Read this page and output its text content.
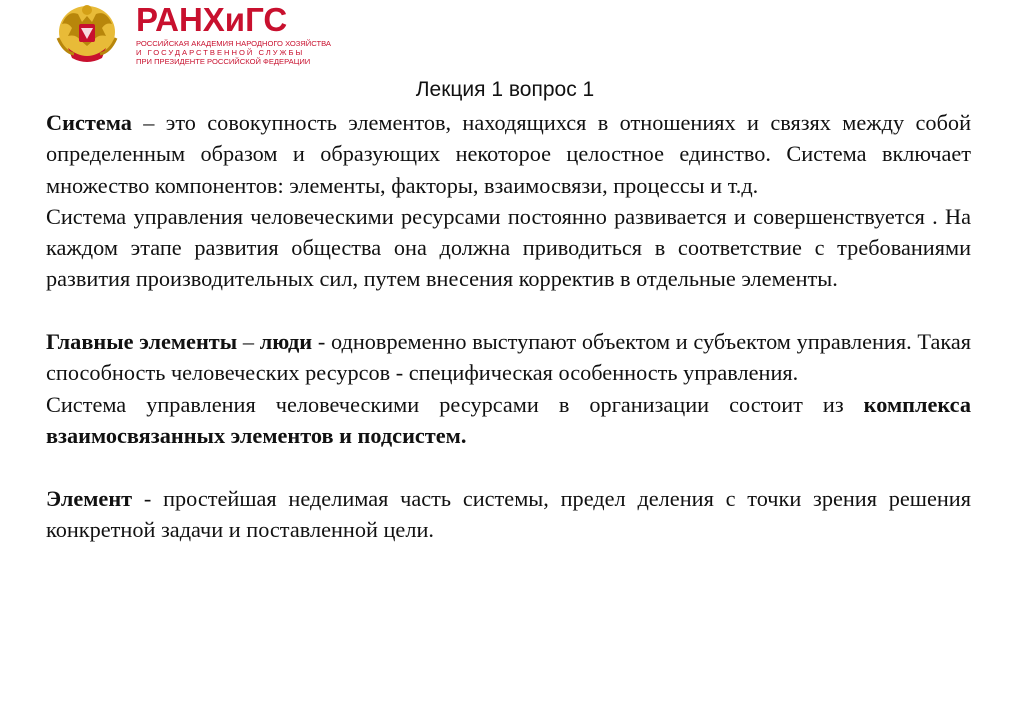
РАНХиГС
РОССИЙСКАЯ АКАДЕМИЯ НАРОДНОГО ХОЗЯЙСТВА
И ГОСУДАРСТВЕННОЙ СЛУЖБЫ
ПРИ ПРЕЗИДЕНТЕ РОССИЙСКОЙ ФЕДЕРАЦИИ
Лекция 1 вопрос 1

Система – это совокупность элементов, находящихся в отношениях и связях между собой определенным образом и образующих некоторое целостное единство. Система включает множество компонентов: элементы, факторы, взаимосвязи, процессы и т.д.

Система управления человеческими ресурсами постоянно развивается и совершенствуется . На каждом этапе развития общества она должна приводиться в соответствие с требованиями развития производительных сил, путем внесения корректив в отдельные элементы.

Главные элементы – люди - одновременно выступают объектом и субъектом управления. Такая способность человеческих ресурсов - специфическая особенность управления.

Система управления человеческими ресурсами в организации состоит из комплекса взаимосвязанных элементов и подсистем.

Элемент - простейшая неделимая часть системы, предел деления с точки зрения решения конкретной задачи и поставленной цели.
